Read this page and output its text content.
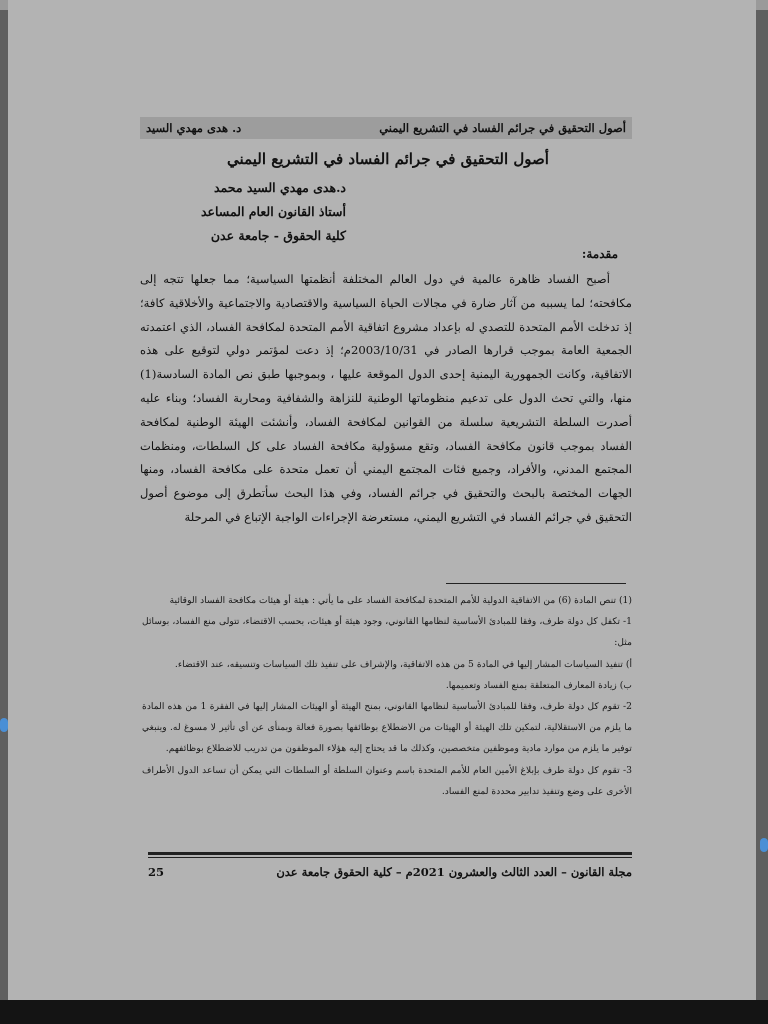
أصول التحقيق في جرائم الفساد في التشريع اليمني
د. هدى مهدي السيد
أصول التحقيق في جرائم الفساد في التشريع اليمني
د.هدى مهدي السيد محمد
أستاذ القانون العام المساعد
كلية الحقوق - جامعة عدن
مقدمة:

أصبح الفساد ظاهرة عالمية في دول العالم المختلفة أنظمتها السياسية؛ مما جعلها تتجه إلى مكافحته؛ لما يسببه من آثار ضارة في مجالات الحياة السياسية والاقتصادية والاجتماعية والأخلاقية كافة؛ إذ تدخلت الأمم المتحدة للتصدي له بإعداد مشروع اتفاقية الأمم المتحدة لمكافحة الفساد، الذي اعتمدته الجمعية العامة بموجب قرارها الصادر في 2003/10/31م؛ إذ دعت لمؤتمر دولي لتوقيع على هذه الاتفاقية، وكانت الجمهورية اليمنية إحدى الدول الموقعة عليها ، وبموجبها طبق نص المادة السادسة(1) منها، والتي تحث الدول على تدعيم منظوماتها الوطنية للنزاهة والشفافية ومحاربة الفساد؛ وبناء عليه أصدرت السلطة التشريعية سلسلة من القوانين لمكافحة الفساد، وأنشئت الهيئة الوطنية لمكافحة الفساد بموجب قانون مكافحة الفساد، وتقع مسؤولية مكافحة الفساد على كل السلطات، ومنظمات المجتمع المدني، والأفراد، وجميع فئات المجتمع اليمني أن تعمل متحدة على مكافحة الفساد، ومنها الجهات المختصة بالبحث والتحقيق في جرائم الفساد، وفي هذا البحث سأتطرق إلى موضوع أصول التحقيق في جرائم الفساد في التشريع اليمني، مستعرضة الإجراءات الواجبة الإتباع في المرحلة

(1) تنص المادة (6) من الاتفاقية الدولية للأمم المتحدة لمكافحة الفساد على ما يأتي : هيئة أو هيئات مكافحة الفساد الوقائية

1- تكفل كل دولة طرف، وفقا للمبادئ الأساسية لنظامها القانوني، وجود هيئة أو هيئات، بحسب الاقتضاء، تتولى منع الفساد، بوسائل مثل:

أ) تنفيذ السياسات المشار إليها في المادة 5 من هذه الاتفاقية، والإشراف على تنفيذ تلك السياسات وتنسيقه، عند الاقتضاء.

ب) زيادة المعارف المتعلقة بمنع الفساد وتعميمها.

2- تقوم كل دولة طرف، وفقا للمبادئ الأساسية لنظامها القانوني، بمنح الهيئة أو الهيئات المشار إليها في الفقرة 1 من هذه المادة ما يلزم من الاستقلالية، لتمكين تلك الهيئة أو الهيئات من الاضطلاع بوظائفها بصورة فعالة وبمنأى عن أي تأثير لا مسوغ له. وينبغي توفير ما يلزم من موارد مادية وموظفين متخصصين، وكذلك ما قد يحتاج إليه هؤلاء الموظفون من تدريب للاضطلاع بوظائفهم.

3- تقوم كل دولة طرف بإبلاغ الأمين العام للأمم المتحدة باسم وعنوان السلطة أو السلطات التي يمكن أن تساعد الدول الأطراف الأخرى على وضع وتنفيذ تدابير محددة لمنع الفساد.

مجلة القانون – العدد الثالث والعشرون 2021م – كلية الحقوق جامعة عدن
25
